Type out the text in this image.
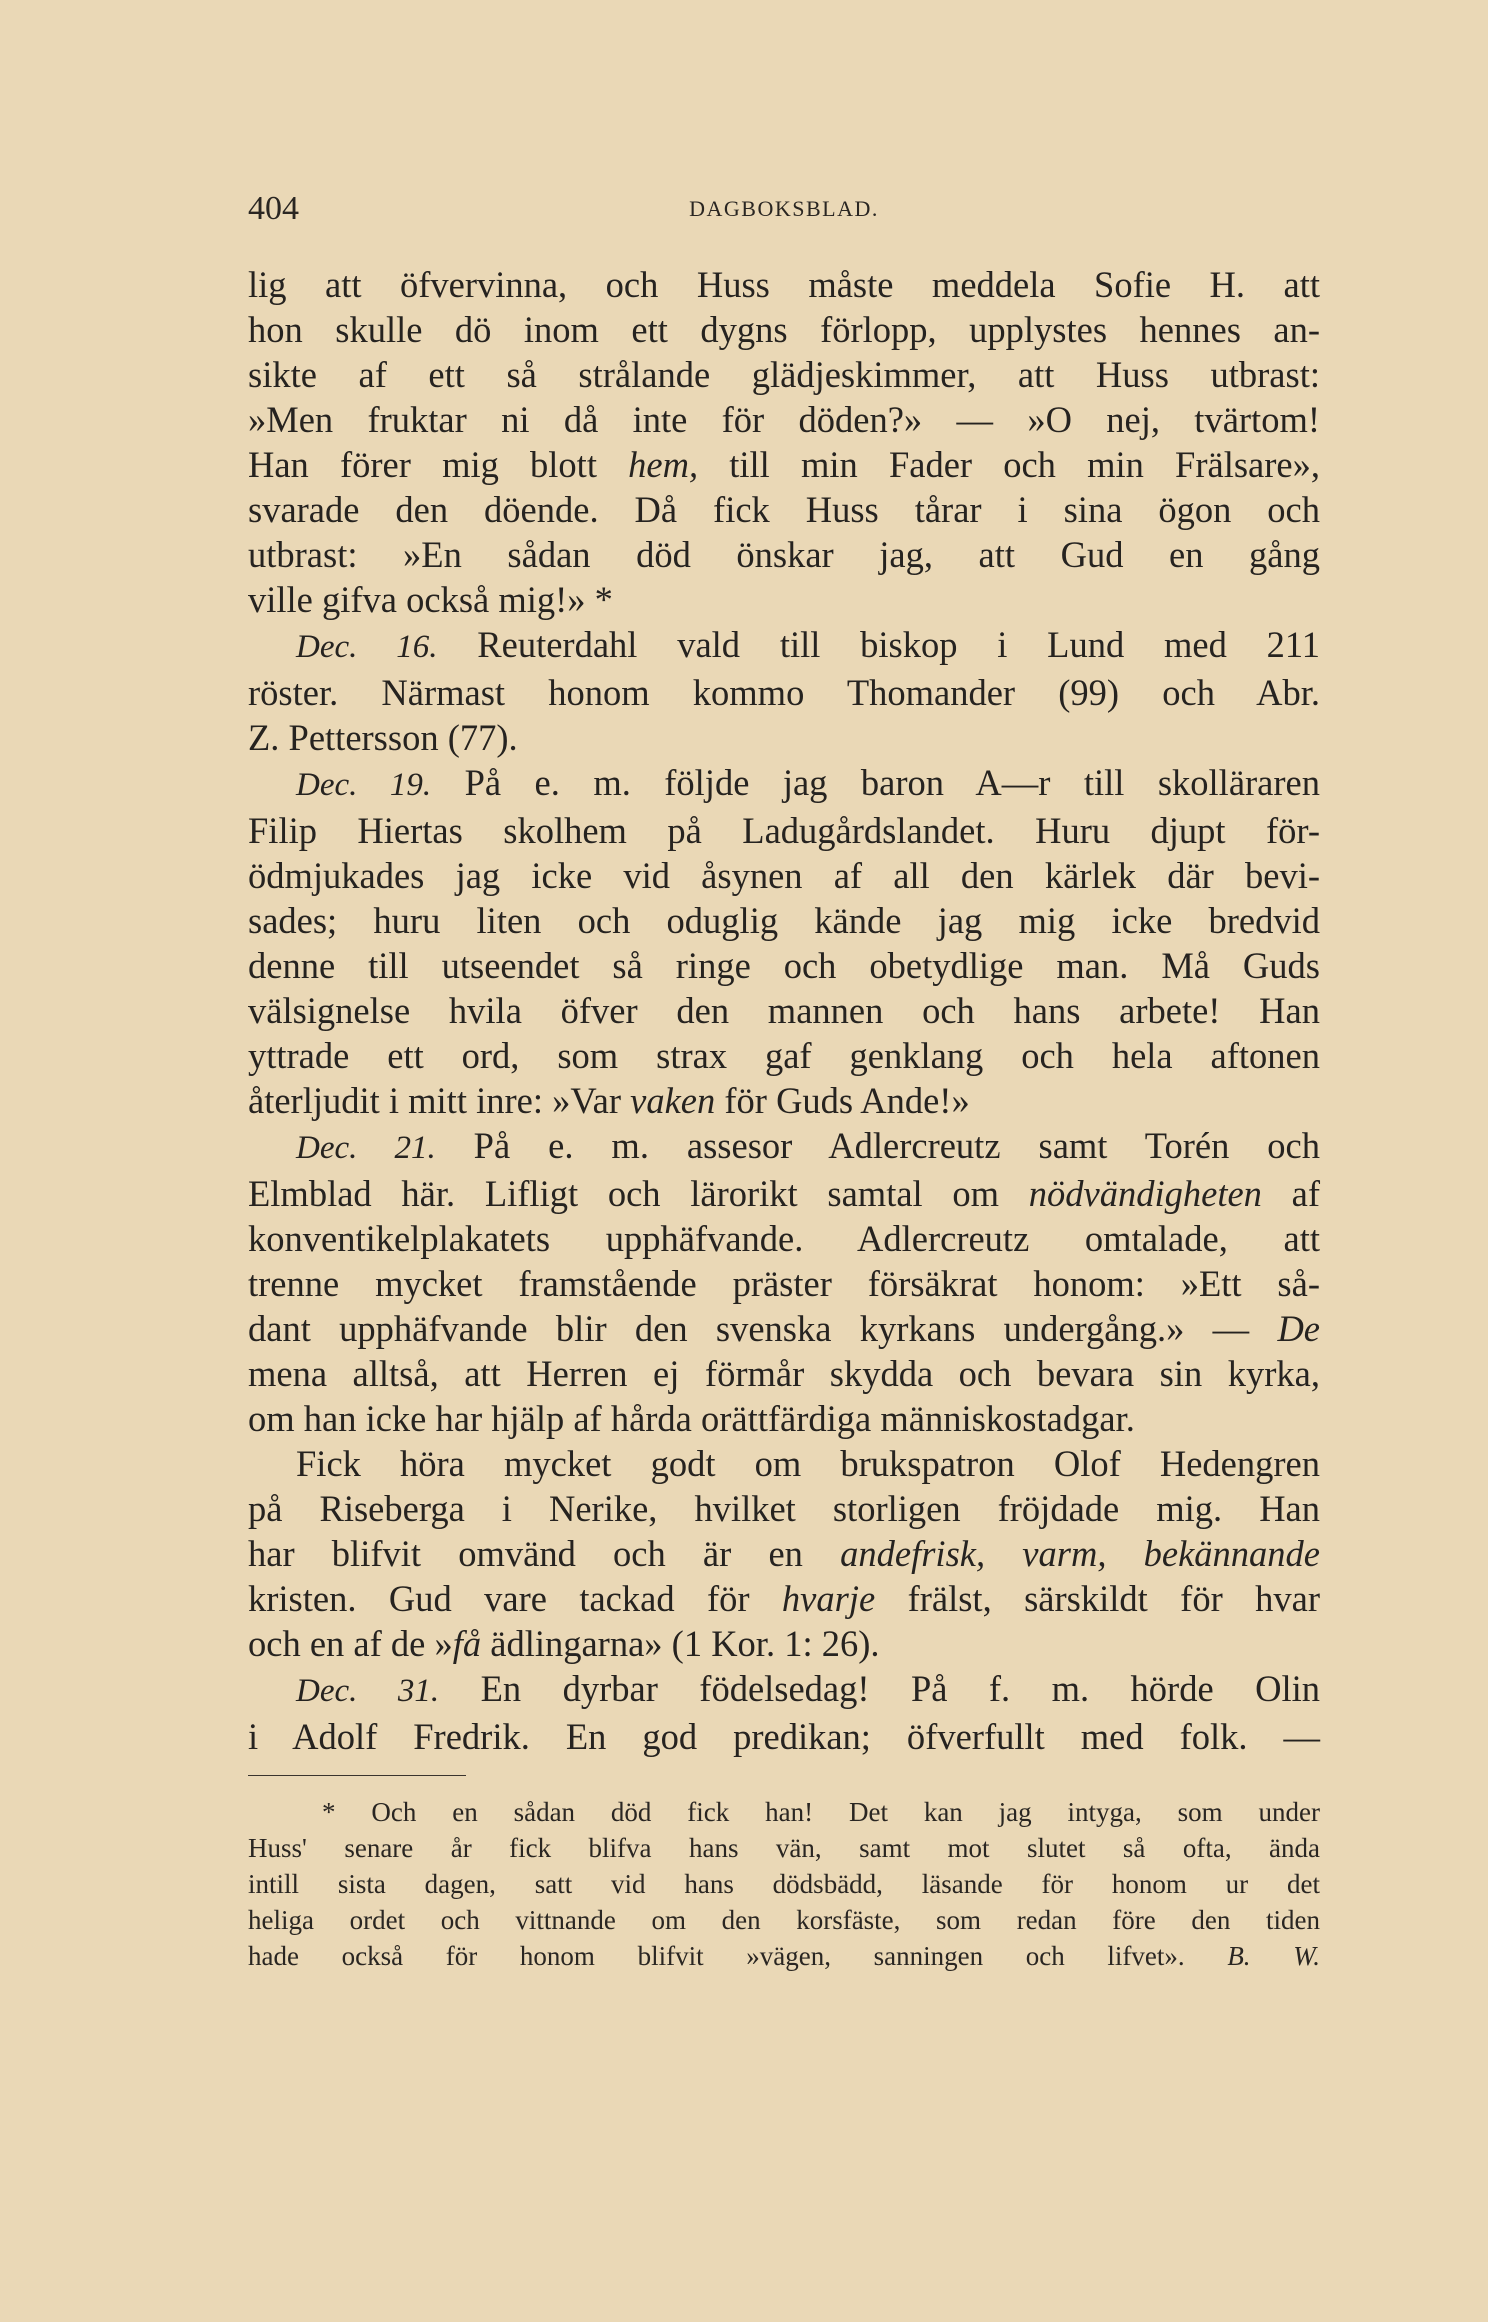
404	DAGBOKSBLAD.
lig att öfvervinna, och Huss måste meddela Sofie H. att
hon skulle dö inom ett dygns förlopp, upplystes hennes an-
sikte af ett så strålande glädjeskimmer, att Huss utbrast:
»Men fruktar ni då inte för döden?» — »O nej, tvärtom!
Han förer mig blott hem, till min Fader och min Frälsare»,
svarade den döende. Då fick Huss tårar i sina ögon och
utbrast: »En sådan död önskar jag, att Gud en gång
ville gifva också mig!» *
Dec. 16. Reuterdahl vald till biskop i Lund med 211
röster. Närmast honom kommo Thomander (99) och Abr.
Z. Pettersson (77).
Dec. 19. På e. m. följde jag baron A—r till skolläraren
Filip Hiertas skolhem på Ladugårdslandet. Huru djupt för-
ödmjukades jag icke vid åsynen af all den kärlek där bevi-
sades; huru liten och oduglig kände jag mig icke bredvid
denne till utseendet så ringe och obetydlige man. Må Guds
välsignelse hvila öfver den mannen och hans arbete! Han
yttrade ett ord, som strax gaf genklang och hela aftonen
återljudit i mitt inre: »Var vaken för Guds Ande!»
Dec. 21. På e. m. assesor Adlercreutz samt Torén och
Elmblad här. Lifligt och lärorikt samtal om nödvändigheten af
konventikelplakatets upphäfvande. Adlercreutz omtalade, att
trenne mycket framstående präster försäkrat honom: »Ett så-
dant upphäfvande blir den svenska kyrkans undergång.» — De
mena alltså, att Herren ej förmår skydda och bevara sin kyrka,
om han icke har hjälp af hårda orättfärdiga människostadgar.
Fick höra mycket godt om brukspatron Olof Hedengren
på Riseberga i Nerike, hvilket storligen fröjdade mig. Han
har blifvit omvänd och är en andefrisk, varm, bekännande
kristen. Gud vare tackad för hvarje frälst, särskildt för hvar
och en af de »få ädlingarna» (1 Kor. 1: 26).
Dec. 31. En dyrbar födelsedag! På f. m. hörde Olin
i Adolf Fredrik. En god predikan; öfverfullt med folk. —
* Och en sådan död fick han! Det kan jag intyga, som under
Huss' senare år fick blifva hans vän, samt mot slutet så ofta, ända
intill sista dagen, satt vid hans dödsbädd, läsande för honom ur det
heliga ordet och vittnande om den korsfäste, som redan före den tiden
hade också för honom blifvit »vägen, sanningen och lifvet». B. W.
